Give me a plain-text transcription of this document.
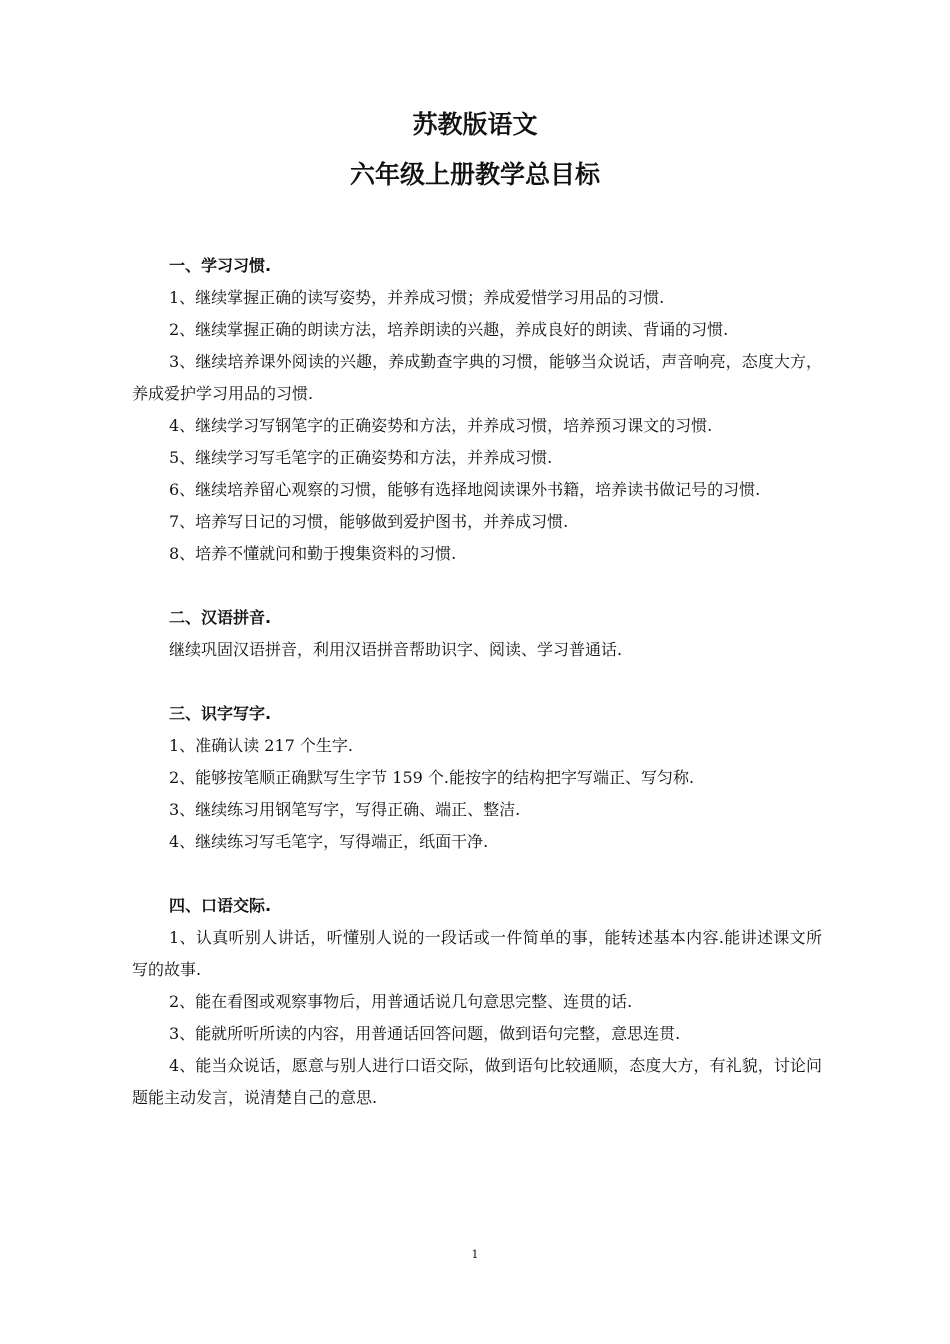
苏教版语文
六年级上册教学总目标

一、学习习惯.

1、继续掌握正确的读写姿势，并养成习惯；养成爱惜学习用品的习惯.

2、继续掌握正确的朗读方法，培养朗读的兴趣，养成良好的朗读、背诵的习惯.

3、继续培养课外阅读的兴趣，养成勤查字典的习惯，能够当众说话，声音响亮，态度大方，养成爱护学习用品的习惯.

4、继续学习写钢笔字的正确姿势和方法，并养成习惯，培养预习课文的习惯.

5、继续学习写毛笔字的正确姿势和方法，并养成习惯.

6、继续培养留心观察的习惯，能够有选择地阅读课外书籍，培养读书做记号的习惯.

7、培养写日记的习惯，能够做到爱护图书，并养成习惯.

8、培养不懂就问和勤于搜集资料的习惯.

二、汉语拼音.

继续巩固汉语拼音，利用汉语拼音帮助识字、阅读、学习普通话.

三、识字写字.

1、准确认读 217 个生字.

2、能够按笔顺正确默写生字节 159 个.能按字的结构把字写端正、写匀称.

3、继续练习用钢笔写字，写得正确、端正、整洁.

4、继续练习写毛笔字，写得端正，纸面干净.

四、口语交际.

1、认真听别人讲话，听懂别人说的一段话或一件简单的事，能转述基本内容.能讲述课文所写的故事.

2、能在看图或观察事物后，用普通话说几句意思完整、连贯的话.

3、能就所听所读的内容，用普通话回答问题，做到语句完整，意思连贯.

4、能当众说话，愿意与别人进行口语交际，做到语句比较通顺，态度大方，有礼貌，讨论问题能主动发言，说清楚自己的意思.

1
